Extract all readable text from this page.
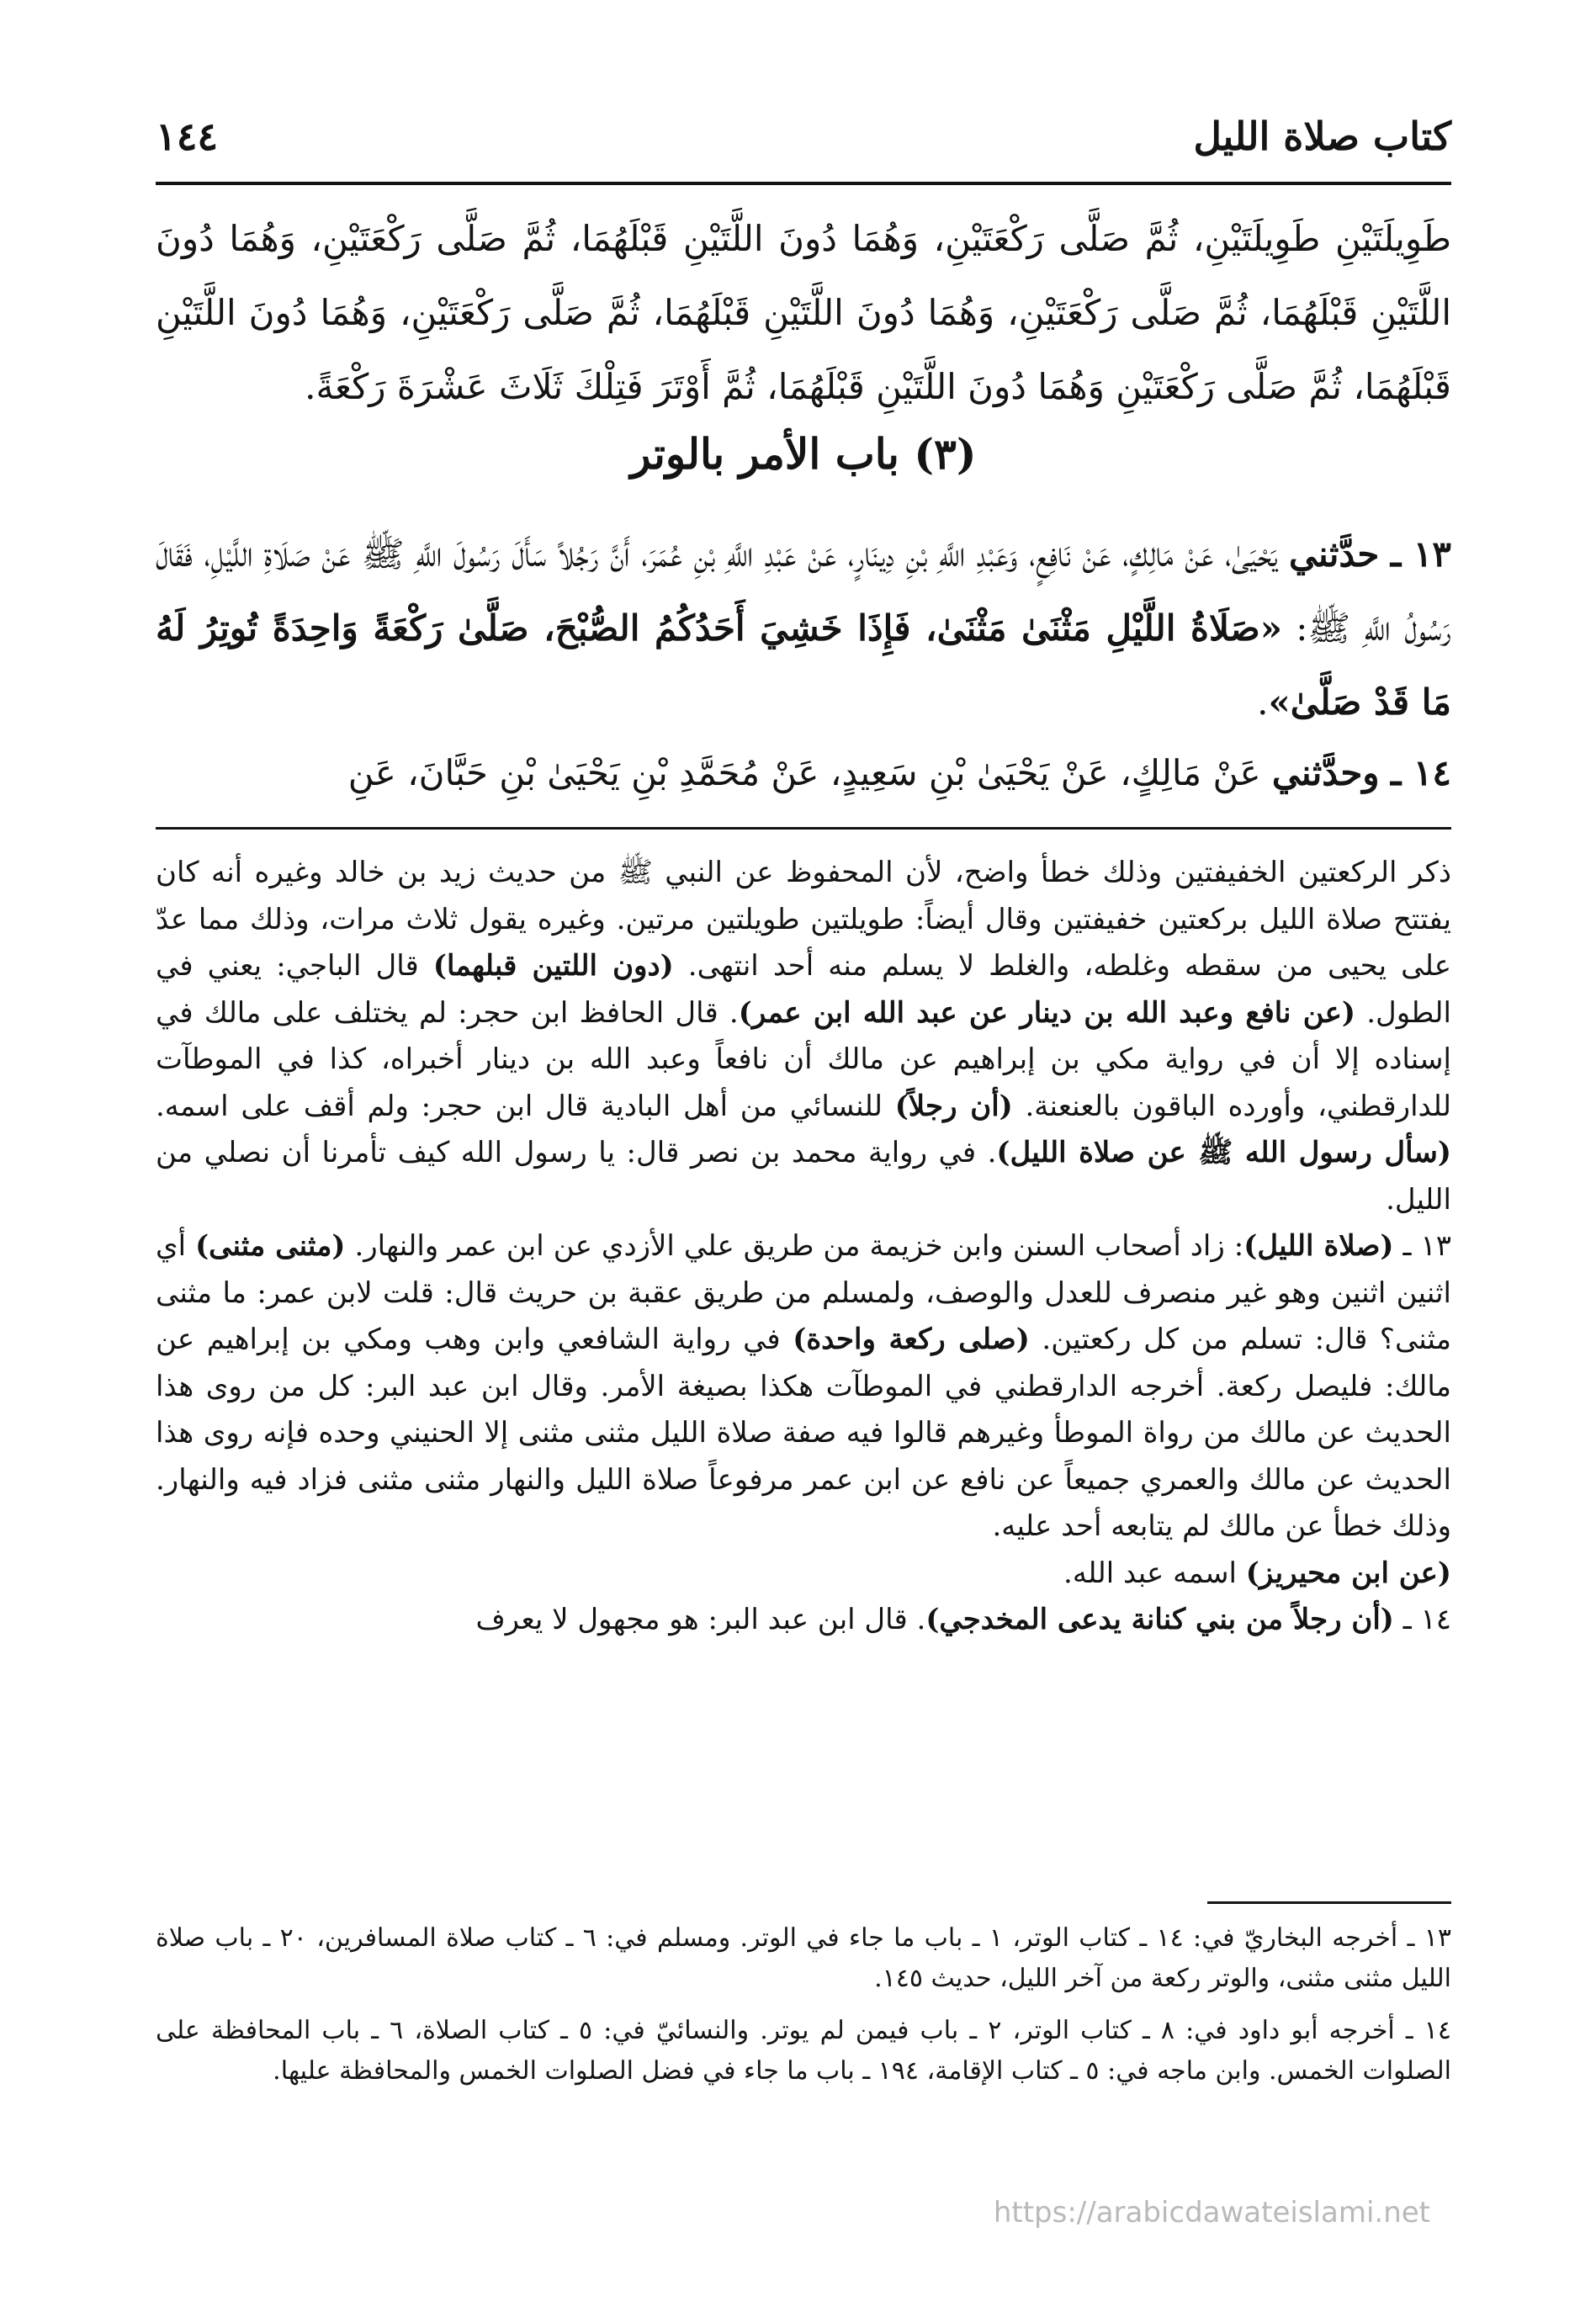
كتاب صلاة الليل
١٤٤
طَوِيلَتَيْنِ طَوِيلَتَيْنِ، ثُمَّ صَلَّى رَكْعَتَيْنِ، وَهُمَا دُونَ اللَّتَيْنِ قَبْلَهُمَا، ثُمَّ صَلَّى رَكْعَتَيْنِ، وَهُمَا دُونَ اللَّتَيْنِ قَبْلَهُمَا، ثُمَّ صَلَّى رَكْعَتَيْنِ، وَهُمَا دُونَ اللَّتَيْنِ قَبْلَهُمَا، ثُمَّ صَلَّى رَكْعَتَيْنِ، وَهُمَا دُونَ اللَّتَيْنِ قَبْلَهُمَا، ثُمَّ صَلَّى رَكْعَتَيْنِ وَهُمَا دُونَ اللَّتَيْنِ قَبْلَهُمَا، ثُمَّ أَوْتَرَ فَتِلْكَ ثَلَاثَ عَشْرَةَ رَكْعَةً.
(٣) باب الأمر بالوتر
١٣ ـ حدَّثني يَحْيَىٰ، عَنْ مَالِكٍ، عَنْ نَافِعٍ، وَعَبْدِ اللَّهِ بْنِ دِينَارٍ، عَنْ عَبْدِ اللَّهِ بْنِ عُمَرَ، أَنَّ رَجُلاً سَأَلَ رَسُولَ اللَّهِ ﷺ عَنْ صَلَاةِ اللَّيْلِ، فَقَالَ رَسُولُ اللَّهِ ﷺ: «صَلَاةُ اللَّيْلِ مَثْنَىٰ مَثْنَىٰ، فَإِذَا خَشِيَ أَحَدُكُمُ الصُّبْحَ، صَلَّىٰ رَكْعَةً وَاحِدَةً تُوتِرُ لَهُ مَا قَدْ صَلَّىٰ».
١٤ ـ وحدَّثني عَنْ مَالِكٍ، عَنْ يَحْيَىٰ بْنِ سَعِيدٍ، عَنْ مُحَمَّدِ بْنِ يَحْيَىٰ بْنِ حَبَّانَ، عَنِ

ذكر الركعتين الخفيفتين وذلك خطأ واضح، لأن المحفوظ عن النبي ﷺ من حديث زيد بن خالد وغيره أنه كان يفتتح صلاة الليل بركعتين خفيفتين وقال أيضاً: طويلتين طويلتين مرتين. وغيره يقول ثلاث مرات، وذلك مما عدّ على يحيى من سقطه وغلطه، والغلط لا يسلم منه أحد انتهى. (دون اللتين قبلهما) قال الباجي: يعني في الطول. (عن نافع وعبد الله بن دينار عن عبد الله ابن عمر). قال الحافظ ابن حجر: لم يختلف على مالك في إسناده إلا أن في رواية مكي بن إبراهيم عن مالك أن نافعاً وعبد الله بن دينار أخبراه، كذا في الموطآت للدارقطني، وأورده الباقون بالعنعنة. (أن رجلاً) للنسائي من أهل البادية قال ابن حجر: ولم أقف على اسمه. (سأل رسول الله ﷺ عن صلاة الليل). في رواية محمد بن نصر قال: يا رسول الله كيف تأمرنا أن نصلي من الليل.

١٣ ـ (صلاة الليل): زاد أصحاب السنن وابن خزيمة من طريق علي الأزدي عن ابن عمر والنهار. (مثنى مثنى) أي اثنين اثنين وهو غير منصرف للعدل والوصف، ولمسلم من طريق عقبة بن حريث قال: قلت لابن عمر: ما مثنى مثنى؟ قال: تسلم من كل ركعتين. (صلى ركعة واحدة) في رواية الشافعي وابن وهب ومكي بن إبراهيم عن مالك: فليصل ركعة. أخرجه الدارقطني في الموطآت هكذا بصيغة الأمر. وقال ابن عبد البر: كل من روى هذا الحديث عن مالك من رواة الموطأ وغيرهم قالوا فيه صفة صلاة الليل مثنى مثنى إلا الحنيني وحده فإنه روى هذا الحديث عن مالك والعمري جميعاً عن نافع عن ابن عمر مرفوعاً صلاة الليل والنهار مثنى مثنى فزاد فيه والنهار. وذلك خطأ عن مالك لم يتابعه أحد عليه.

(عن ابن محيريز) اسمه عبد الله.

١٤ ـ (أن رجلاً من بني كنانة يدعى المخدجي). قال ابن عبد البر: هو مجهول لا يعرف

١٣ ـ أخرجه البخاريّ في: ١٤ ـ كتاب الوتر، ١ ـ باب ما جاء في الوتر. ومسلم في: ٦ ـ كتاب صلاة المسافرين، ٢٠ ـ باب صلاة الليل مثنى مثنى، والوتر ركعة من آخر الليل، حديث ١٤٥.

١٤ ـ أخرجه أبو داود في: ٨ ـ كتاب الوتر، ٢ ـ باب فيمن لم يوتر. والنسائيّ في: ٥ ـ كتاب الصلاة، ٦ ـ باب المحافظة على الصلوات الخمس. وابن ماجه في: ٥ ـ كتاب الإقامة، ١٩٤ ـ باب ما جاء في فضل الصلوات الخمس والمحافظة عليها.

https://arabicdawateislami.net
